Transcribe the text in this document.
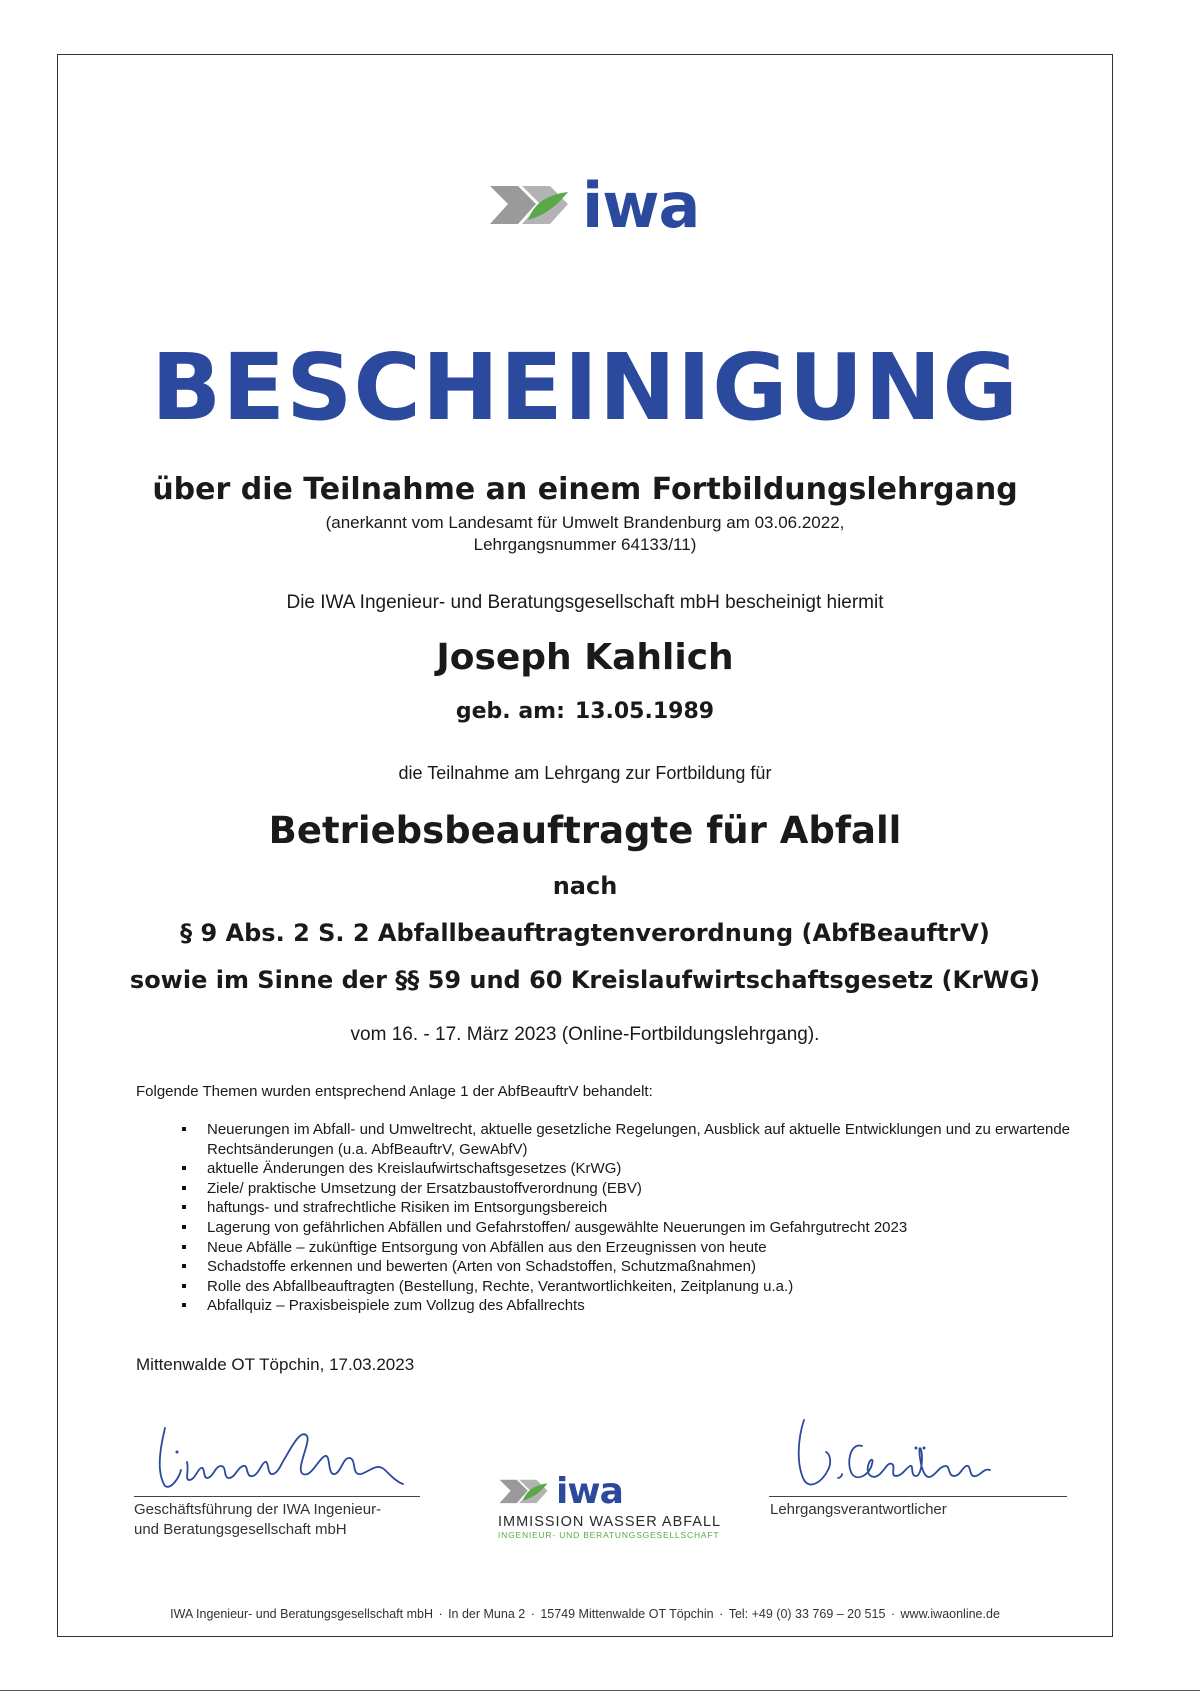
iwa
BESCHEINIGUNG
über die Teilnahme an einem Fortbildungslehrgang
(anerkannt vom Landesamt für Umwelt Brandenburg am 03.06.2022,
Lehrgangsnummer 64133/11)
Die IWA Ingenieur- und Beratungsgesellschaft mbH bescheinigt hiermit
Joseph Kahlich
geb. am: 13.05.1989
die Teilnahme am Lehrgang zur Fortbildung für
Betriebsbeauftragte für Abfall
nach
§ 9 Abs. 2 S. 2 Abfallbeauftragtenverordnung (AbfBeauftrV)
sowie im Sinne der §§ 59 und 60 Kreislaufwirtschaftsgesetz (KrWG)
vom 16. - 17. März 2023 (Online-Fortbildungslehrgang).
Folgende Themen wurden entsprechend Anlage 1 der AbfBeauftrV behandelt:
Neuerungen im Abfall- und Umweltrecht, aktuelle gesetzliche Regelungen, Ausblick auf aktuelle Entwicklungen und zu erwartende Rechtsänderungen (u.a. AbfBeauftrV, GewAbfV)
aktuelle Änderungen des Kreislaufwirtschaftsgesetzes (KrWG)
Ziele/ praktische Umsetzung der Ersatzbaustoffverordnung (EBV)
haftungs- und strafrechtliche Risiken im Entsorgungsbereich
Lagerung von gefährlichen Abfällen und Gefahrstoffen/ ausgewählte Neuerungen im Gefahrgutrecht 2023
Neue Abfälle – zukünftige Entsorgung von Abfällen aus den Erzeugnissen von heute
Schadstoffe erkennen und bewerten (Arten von Schadstoffen, Schutzmaßnahmen)
Rolle des Abfallbeauftragten (Bestellung, Rechte, Verantwortlichkeiten, Zeitplanung u.a.)
Abfallquiz – Praxisbeispiele zum Vollzug des Abfallrechts
Mittenwalde OT Töpchin, 17.03.2023
Geschäftsführung der IWA Ingenieur-
und Beratungsgesellschaft mbH
Lehrgangsverantwortlicher
iwa
IMMISSION WASSER ABFALL
INGENIEUR- UND BERATUNGSGESELLSCHAFT
IWA Ingenieur- und Beratungsgesellschaft mbH · In der Muna 2 · 15749 Mittenwalde OT Töpchin · Tel: +49 (0) 33 769 – 20 515 · www.iwaonline.de
